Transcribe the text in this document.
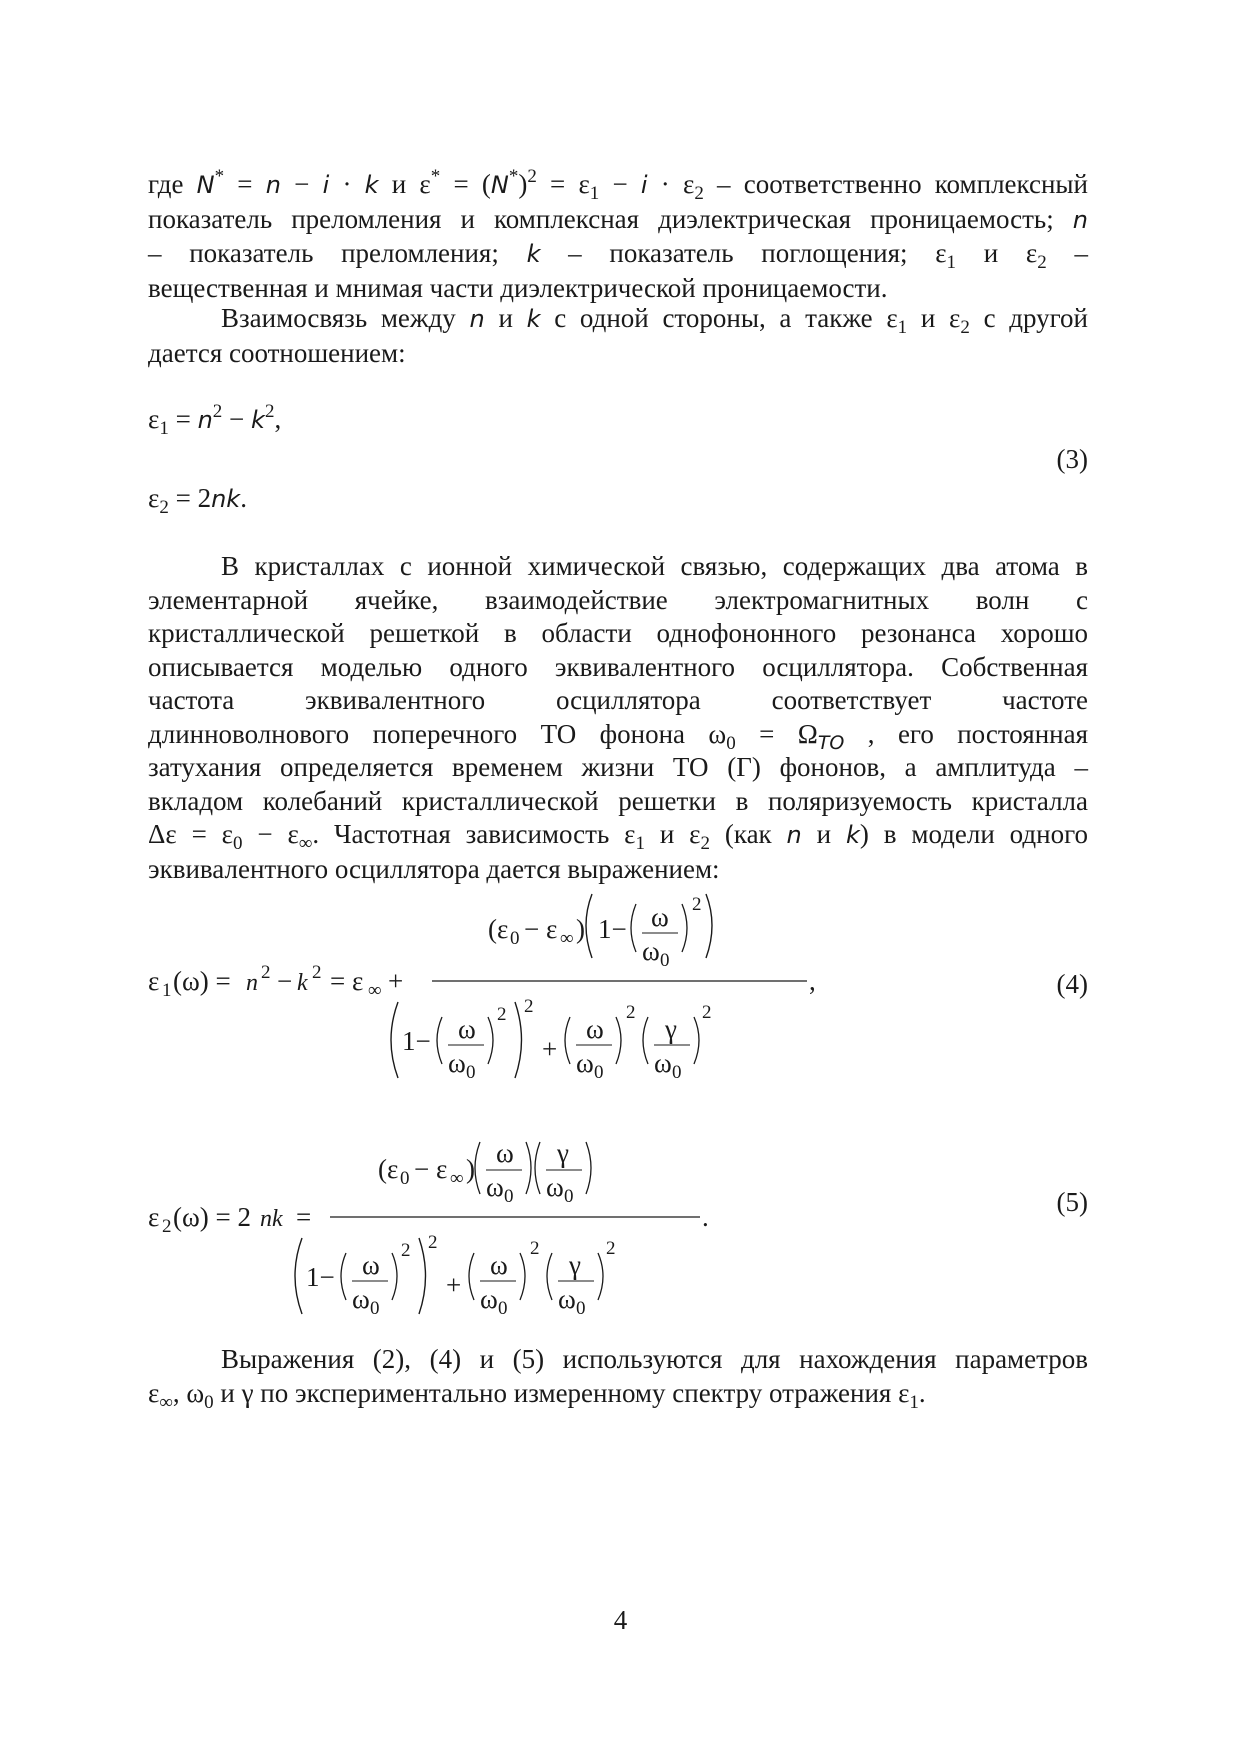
где N* = n − i · k и $\varepsilon^* = (N^*)^2 = \varepsilon_1 - i \cdot \varepsilon_2$ – соответственно комплексный
показатель преломления и комплексная диэлектрическая проницаемость; n
– показатель преломления; k – показатель поглощения; $\varepsilon_1$ и $\varepsilon_2$ –
вещественная и мнимая части диэлектрической проницаемости.
Взаимосвязь между n и k с одной стороны, а также $\varepsilon_1$ и $\varepsilon_2$ с другой
дается соотношением:
$\varepsilon_1 = n^2 - k^2$,
$\varepsilon_2 = 2nk$.
(3)
В кристаллах с ионной химической связью, содержащих два атома в
элементарной ячейке, взаимодействие электромагнитных волн с
кристаллической решеткой в области однофононного резонанса хорошо
описывается моделью одного эквивалентного осциллятора. Собственная
частота эквивалентного осциллятора соответствует частоте
длинноволнового поперечного ТО фонона $\omega_0 = \Omega_{TO}$ , его постоянная
затухания определяется временем жизни ТО (Г) фононов, а амплитуда –
вкладом колебаний кристаллической решетки в поляризуемость кристалла
$\Delta\varepsilon = \varepsilon_0 - \varepsilon_\infty$. Частотная зависимость $\varepsilon_1$ и $\varepsilon_2$ (как n и k) в модели одного
эквивалентного осциллятора дается выражением:
ε 1 (ω) = n 2 − k 2 = ε ∞ +	,
(ε 0 − ε ∞ ) 1− ω
ω 0
2
1− ω
ω 0
2 2
+
ω
ω 0
2
γ
ω 0
2
(4)
ε 2 (ω) = 2 nk =	.
(ε 0 − ε ∞ )
ω
ω 0
γ
ω 0
1− ω
ω 0
2 2
+
ω
ω 0
2
γ
ω 0
2
(5)
Выражения (2), (4) и (5) используются для нахождения параметров
$\varepsilon_\infty$, $\omega_0$ и γ по экспериментально измеренному спектру отражения $\varepsilon_1$.
4
